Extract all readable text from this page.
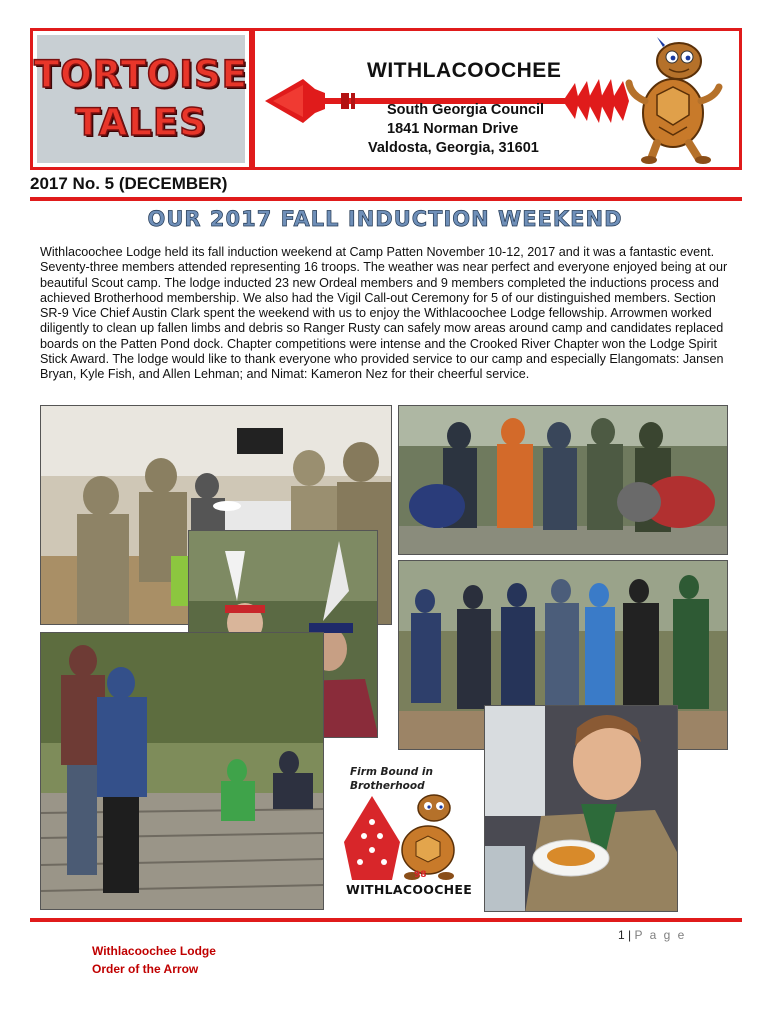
TORTOISE
TALES
WITHLACOOCHEE
South Georgia Council
1841 Norman Drive
Valdosta, Georgia, 31601
2017 No. 5 (DECEMBER)
OUR 2017 FALL INDUCTION WEEKEND

Withlacoochee Lodge held its fall induction weekend at Camp Patten November 10-12, 2017 and it was a fantastic event. Seventy-three members attended representing 16 troops. The weather was near perfect and everyone enjoyed being at our beautiful Scout camp. The lodge inducted 23 new Ordeal members and 9 members completed the inductions process and achieved Brotherhood membership. We also had the Vigil Call-out Ceremony for 5 of our distinguished members. Section SR-9 Vice Chief Austin Clark spent the weekend with us to enjoy the Withlacoochee Lodge fellowship. Arrowmen worked diligently to clean up fallen limbs and debris so Ranger Rusty can safely mow areas around camp and candidates replaced boards on the Patten Pond dock. Chapter competitions were intense and the Crooked River Chapter won the Lodge Spirit Stick Award. The lodge would like to thank everyone who provided service to our camp and especially Elangomats: Jansen Bryan, Kyle Fish, and Allen Lehman; and Nimat: Kameron Nez for their cheerful service.

Firm Bound in
Brotherhood
98
WITHLACOOCHEE
1 | P a g e
Withlacoochee Lodge
Order of the Arrow
